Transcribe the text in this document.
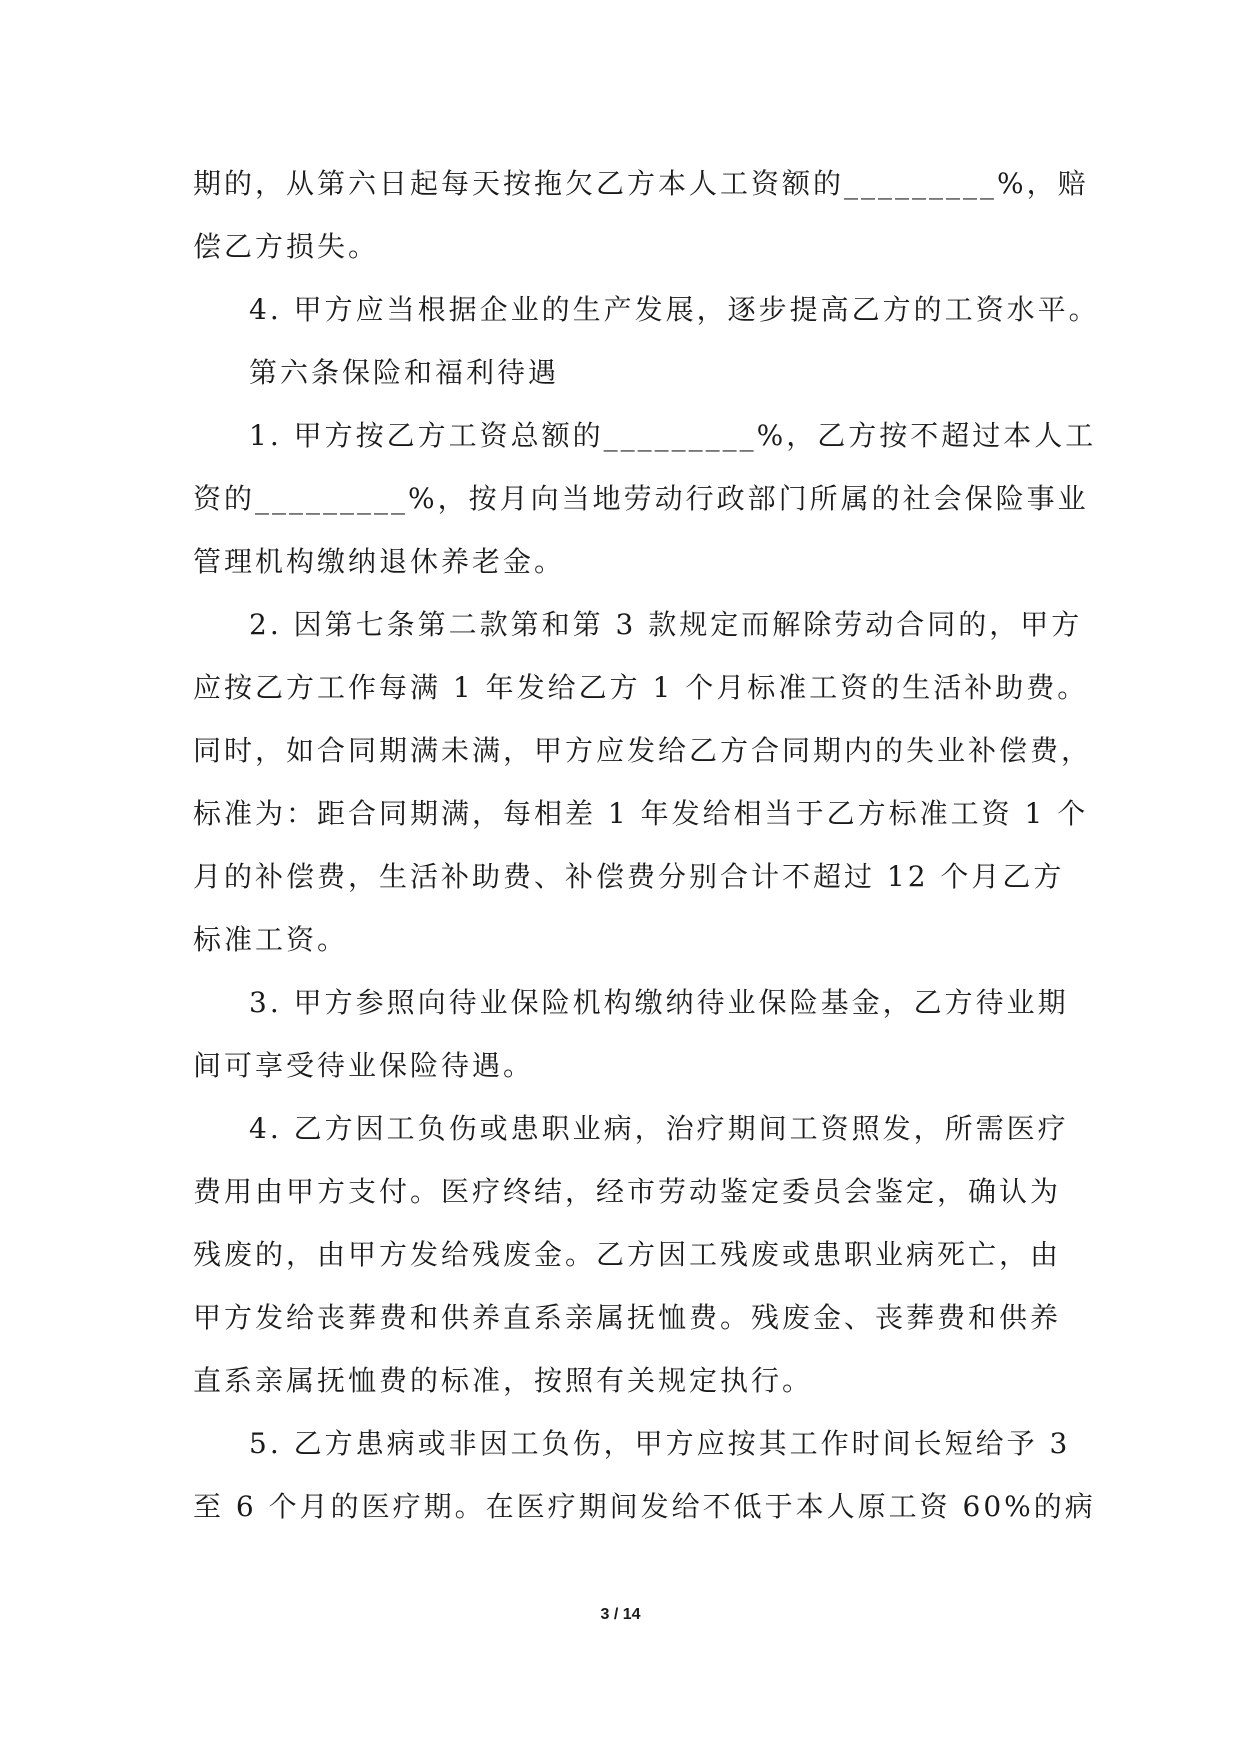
期的，从第六日起每天按拖欠乙方本人工资额的_________%，赔
偿乙方损失。
4. 甲方应当根据企业的生产发展，逐步提高乙方的工资水平。
第六条保险和福利待遇
1. 甲方按乙方工资总额的_________%，乙方按不超过本人工
资的_________%，按月向当地劳动行政部门所属的社会保险事业
管理机构缴纳退休养老金。
2. 因第七条第二款第和第 3 款规定而解除劳动合同的，甲方
应按乙方工作每满 1 年发给乙方 1 个月标准工资的生活补助费。
同时，如合同期满未满，甲方应发给乙方合同期内的失业补偿费，
标准为：距合同期满，每相差 1 年发给相当于乙方标准工资 1 个
月的补偿费，生活补助费、补偿费分别合计不超过 12 个月乙方
标准工资。
3. 甲方参照向待业保险机构缴纳待业保险基金，乙方待业期
间可享受待业保险待遇。
4. 乙方因工负伤或患职业病，治疗期间工资照发，所需医疗
费用由甲方支付。医疗终结，经市劳动鉴定委员会鉴定，确认为
残废的，由甲方发给残废金。乙方因工残废或患职业病死亡，由
甲方发给丧葬费和供养直系亲属抚恤费。残废金、丧葬费和供养
直系亲属抚恤费的标准，按照有关规定执行。
5. 乙方患病或非因工负伤，甲方应按其工作时间长短给予 3
至 6 个月的医疗期。在医疗期间发给不低于本人原工资 60%的病
3 / 14
